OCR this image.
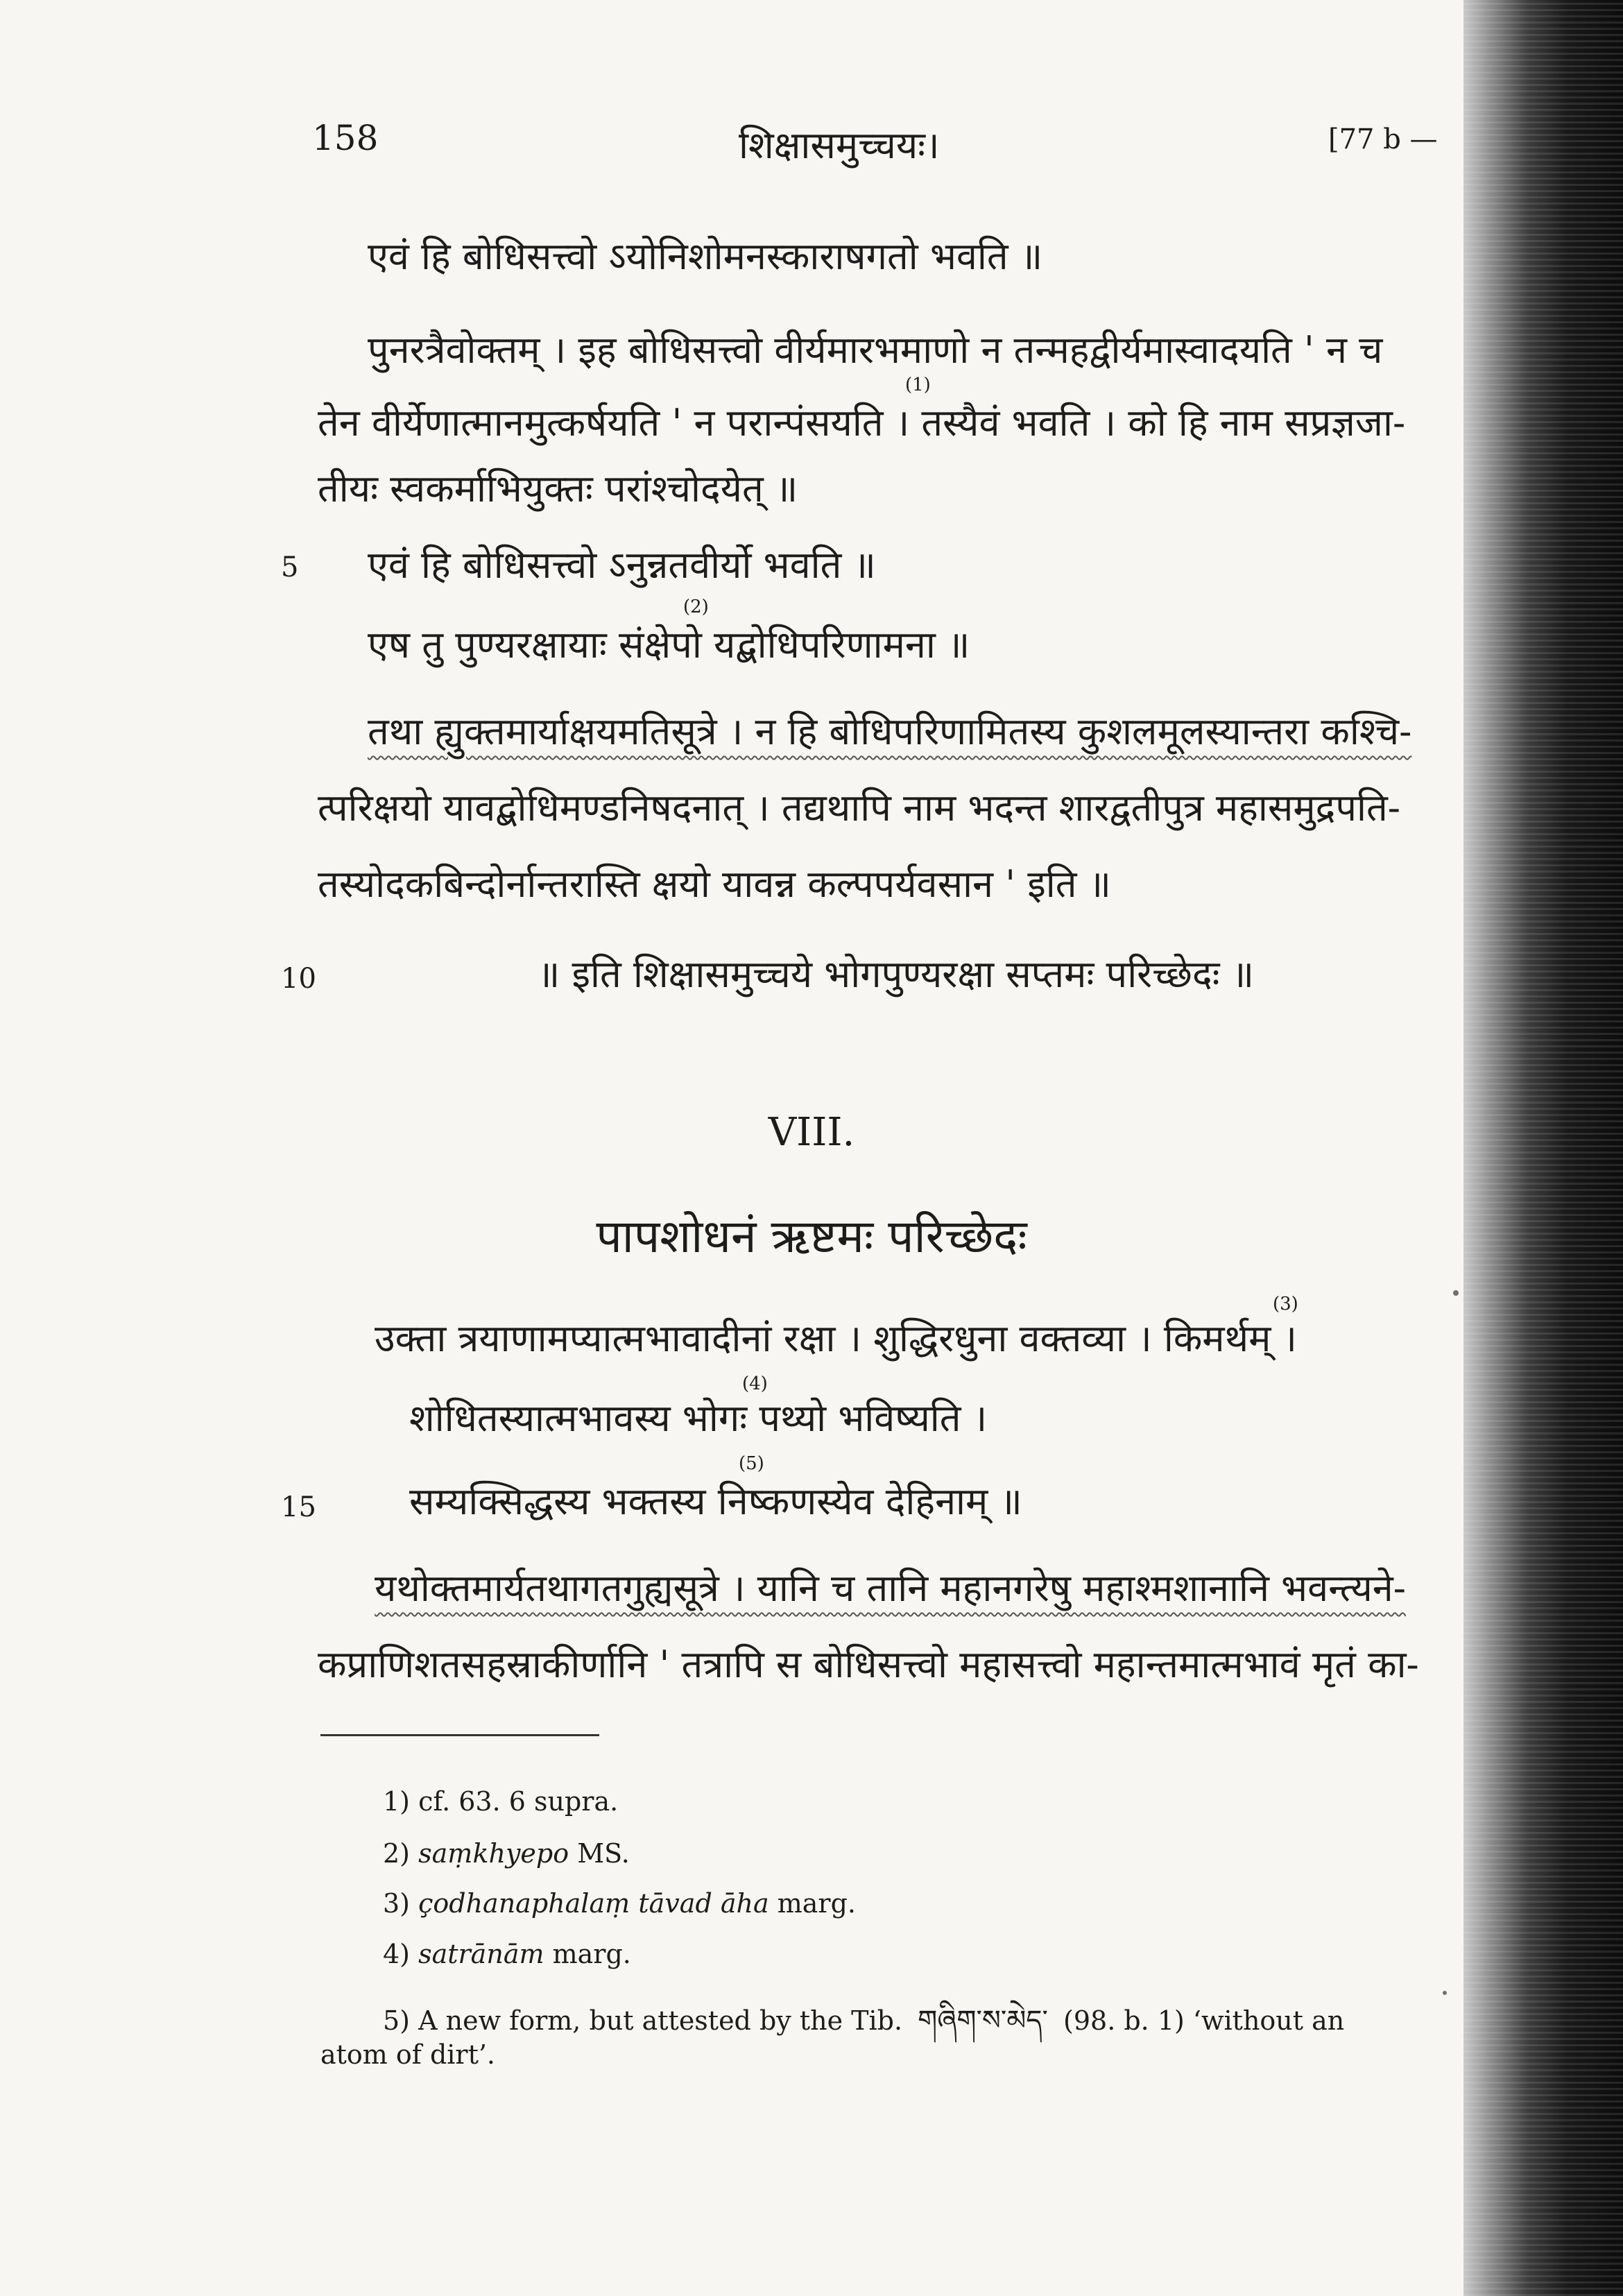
158	शिक्षासमुच्चयः।	[77 b —
एवं हि बोधिसत्त्वो ऽयोनिशोमनस्काराषगतो भवति ॥
पुनरत्रैवोक्तम् । इह बोधिसत्त्वो वीर्यमारभमाणो न तन्महद्वीर्यमास्वादयति ' न च
तेन वीर्येणात्मानमुत्कर्षयति ' न परान्पंसयति । तस्यैवं भवति । को हि नाम सप्रज्ञजा-
(1)
तीयः स्वकर्माभियुक्तः परांश्चोदयेत् ॥
5 एवं हि बोधिसत्त्वो ऽनुन्नतवीर्यो भवति ॥
(2)
एष तु पुण्यरक्षायाः संक्षेपो यद्बोधिपरिणामना ॥
तथा ह्युक्तमार्याक्षयमतिसूत्रे । न हि बोधिपरिणामितस्य कुशलमूलस्यान्तरा कश्चि-
त्परिक्षयो यावद्बोधिमण्डनिषदनात् । तद्यथापि नाम भदन्त शारद्वतीपुत्र महासमुद्रपति-
तस्योदकबिन्दोर्नान्तरास्ति क्षयो यावन्न कल्पपर्यवसान ' इति ॥
10	॥ इति शिक्षासमुच्चये भोगपुण्यरक्षा सप्तमः परिच्छेदः ॥
VIII.
पापशोधनं ऋष्टमः परिच्छेदः
(3)
उक्ता त्रयाणामप्यात्मभावादीनां रक्षा । शुद्धिरधुना वक्तव्या । किमर्थम् ।
(4)
शोधितस्यात्मभावस्य भोगः पथ्यो भविष्यति ।
15
(5)
सम्यक्सिद्धस्य भक्तस्य निष्कणस्येव देहिनाम् ॥
यथोक्तमार्यतथागतगुह्यसूत्रे । यानि च तानि महानगरेषु महाश्मशानानि भवन्त्यने-
कप्राणिशतसहस्राकीर्णानि ' तत्रापि स बोधिसत्त्वो महासत्त्वो महान्तमात्मभावं मृतं का-
1) cf. 63. 6 supra.
2) saṃkhyepo MS.
3) çodhanaphalaṃ tāvad āha marg.
4) satrānām marg.
5) A new form, but attested by the Tib. གཞིག་ས་མེད་ (98. b. 1) ‘without an
atom of dirt’.
